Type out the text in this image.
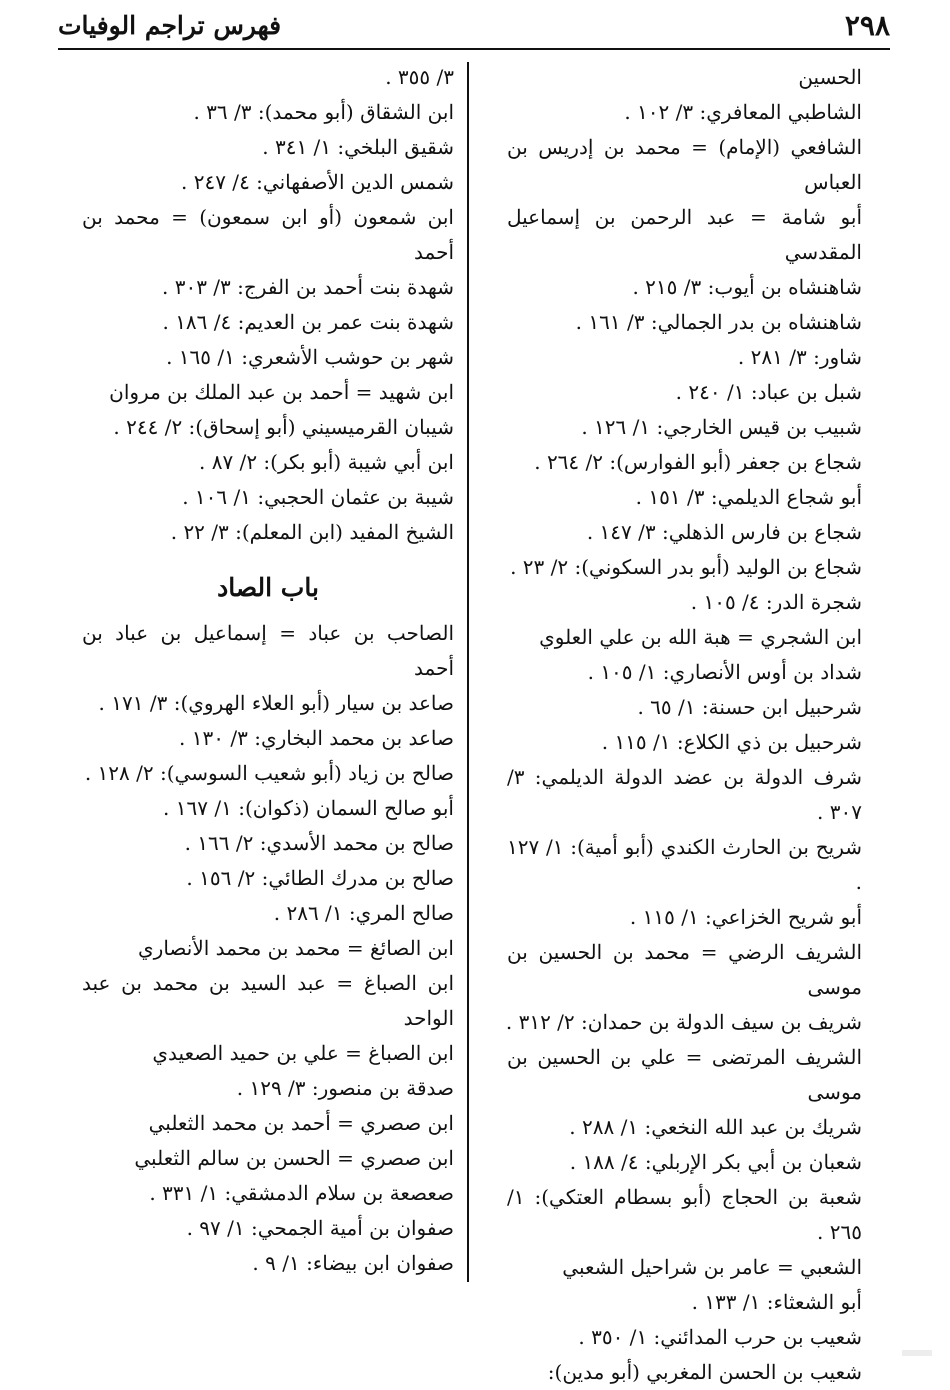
٢٩٨
فهرس تراجم الوفيات
الحسين
الشاطبي المعافري: ٣/ ١٠٢ .
الشافعي (الإمام) = محمد بن إدريس بن العباس
أبو شامة = عبد الرحمن بن إسماعيل المقدسي
شاهنشاه بن أيوب: ٣/ ٢١٥ .
شاهنشاه بن بدر الجمالي: ٣/ ١٦١ .
شاور: ٣/ ٢٨١ .
شبل بن عباد: ١/ ٢٤٠ .
شبيب بن قيس الخارجي: ١/ ١٢٦ .
شجاع بن جعفر (أبو الفوارس): ٢/ ٢٦٤ .
أبو شجاع الديلمي: ٣/ ١٥١ .
شجاع بن فارس الذهلي: ٣/ ١٤٧ .
شجاع بن الوليد (أبو بدر السكوني): ٢/ ٢٣ .
شجرة الدر: ٤/ ١٠٥ .
ابن الشجري = هبة الله بن علي العلوي
شداد بن أوس الأنصاري: ١/ ١٠٥ .
شرحبيل ابن حسنة: ١/ ٦٥ .
شرحبيل بن ذي الكلاع: ١/ ١١٥ .
شرف الدولة بن عضد الدولة الديلمي: ٣/ ٣٠٧ .
شريح بن الحارث الكندي (أبو أمية): ١/ ١٢٧ .
أبو شريح الخزاعي: ١/ ١١٥ .
الشريف الرضي = محمد بن الحسين بن موسى
شريف بن سيف الدولة بن حمدان: ٢/ ٣١٢ .
الشريف المرتضى = علي بن الحسين بن موسى
شريك بن عبد الله النخعي: ١/ ٢٨٨ .
شعبان بن أبي بكر الإربلي: ٤/ ١٨٨ .
شعبة بن الحجاج (أبو بسطام العتكي): ١/ ٢٦٥ .
الشعبي = عامر بن شراحيل الشعبي
أبو الشعثاء: ١/ ١٣٣ .
شعيب بن حرب المدائني: ١/ ٣٥٠ .
شعيب بن الحسن المغربي (أبو مدين):
٣/ ٣٥٥ .
ابن الشقاق (أبو محمد): ٣/ ٣٦ .
شقيق البلخي: ١/ ٣٤١ .
شمس الدين الأصفهاني: ٤/ ٢٤٧ .
ابن شمعون (أو ابن سمعون) = محمد بن أحمد
شهدة بنت أحمد بن الفرج: ٣/ ٣٠٣ .
شهدة بنت عمر بن العديم: ٤/ ١٨٦ .
شهر بن حوشب الأشعري: ١/ ١٦٥ .
ابن شهيد = أحمد بن عبد الملك بن مروان
شيبان القرميسيني (أبو إسحاق): ٢/ ٢٤٤ .
ابن أبي شيبة (أبو بكر): ٢/ ٨٧ .
شيبة بن عثمان الحجبي: ١/ ١٠٦ .
الشيخ المفيد (ابن المعلم): ٣/ ٢٢ .
باب الصاد
الصاحب بن عباد = إسماعيل بن عباد بن أحمد
صاعد بن سيار (أبو العلاء الهروي): ٣/ ١٧١ .
صاعد بن محمد البخاري: ٣/ ١٣٠ .
صالح بن زياد (أبو شعيب السوسي): ٢/ ١٢٨ .
أبو صالح السمان (ذكوان): ١/ ١٦٧ .
صالح بن محمد الأسدي: ٢/ ١٦٦ .
صالح بن مدرك الطائي: ٢/ ١٥٦ .
صالح المري: ١/ ٢٨٦ .
ابن الصائغ = محمد بن محمد الأنصاري
ابن الصباغ = عبد السيد بن محمد بن عبد الواحد
ابن الصباغ = علي بن حميد الصعيدي
صدقة بن منصور: ٣/ ١٢٩ .
ابن صصري = أحمد بن محمد الثعلبي
ابن صصري = الحسن بن سالم الثعلبي
صعصعة بن سلام الدمشقي: ١/ ٣٣١ .
صفوان بن أمية الجمحي: ١/ ٩٧ .
صفوان ابن بيضاء: ١/ ٩ .
